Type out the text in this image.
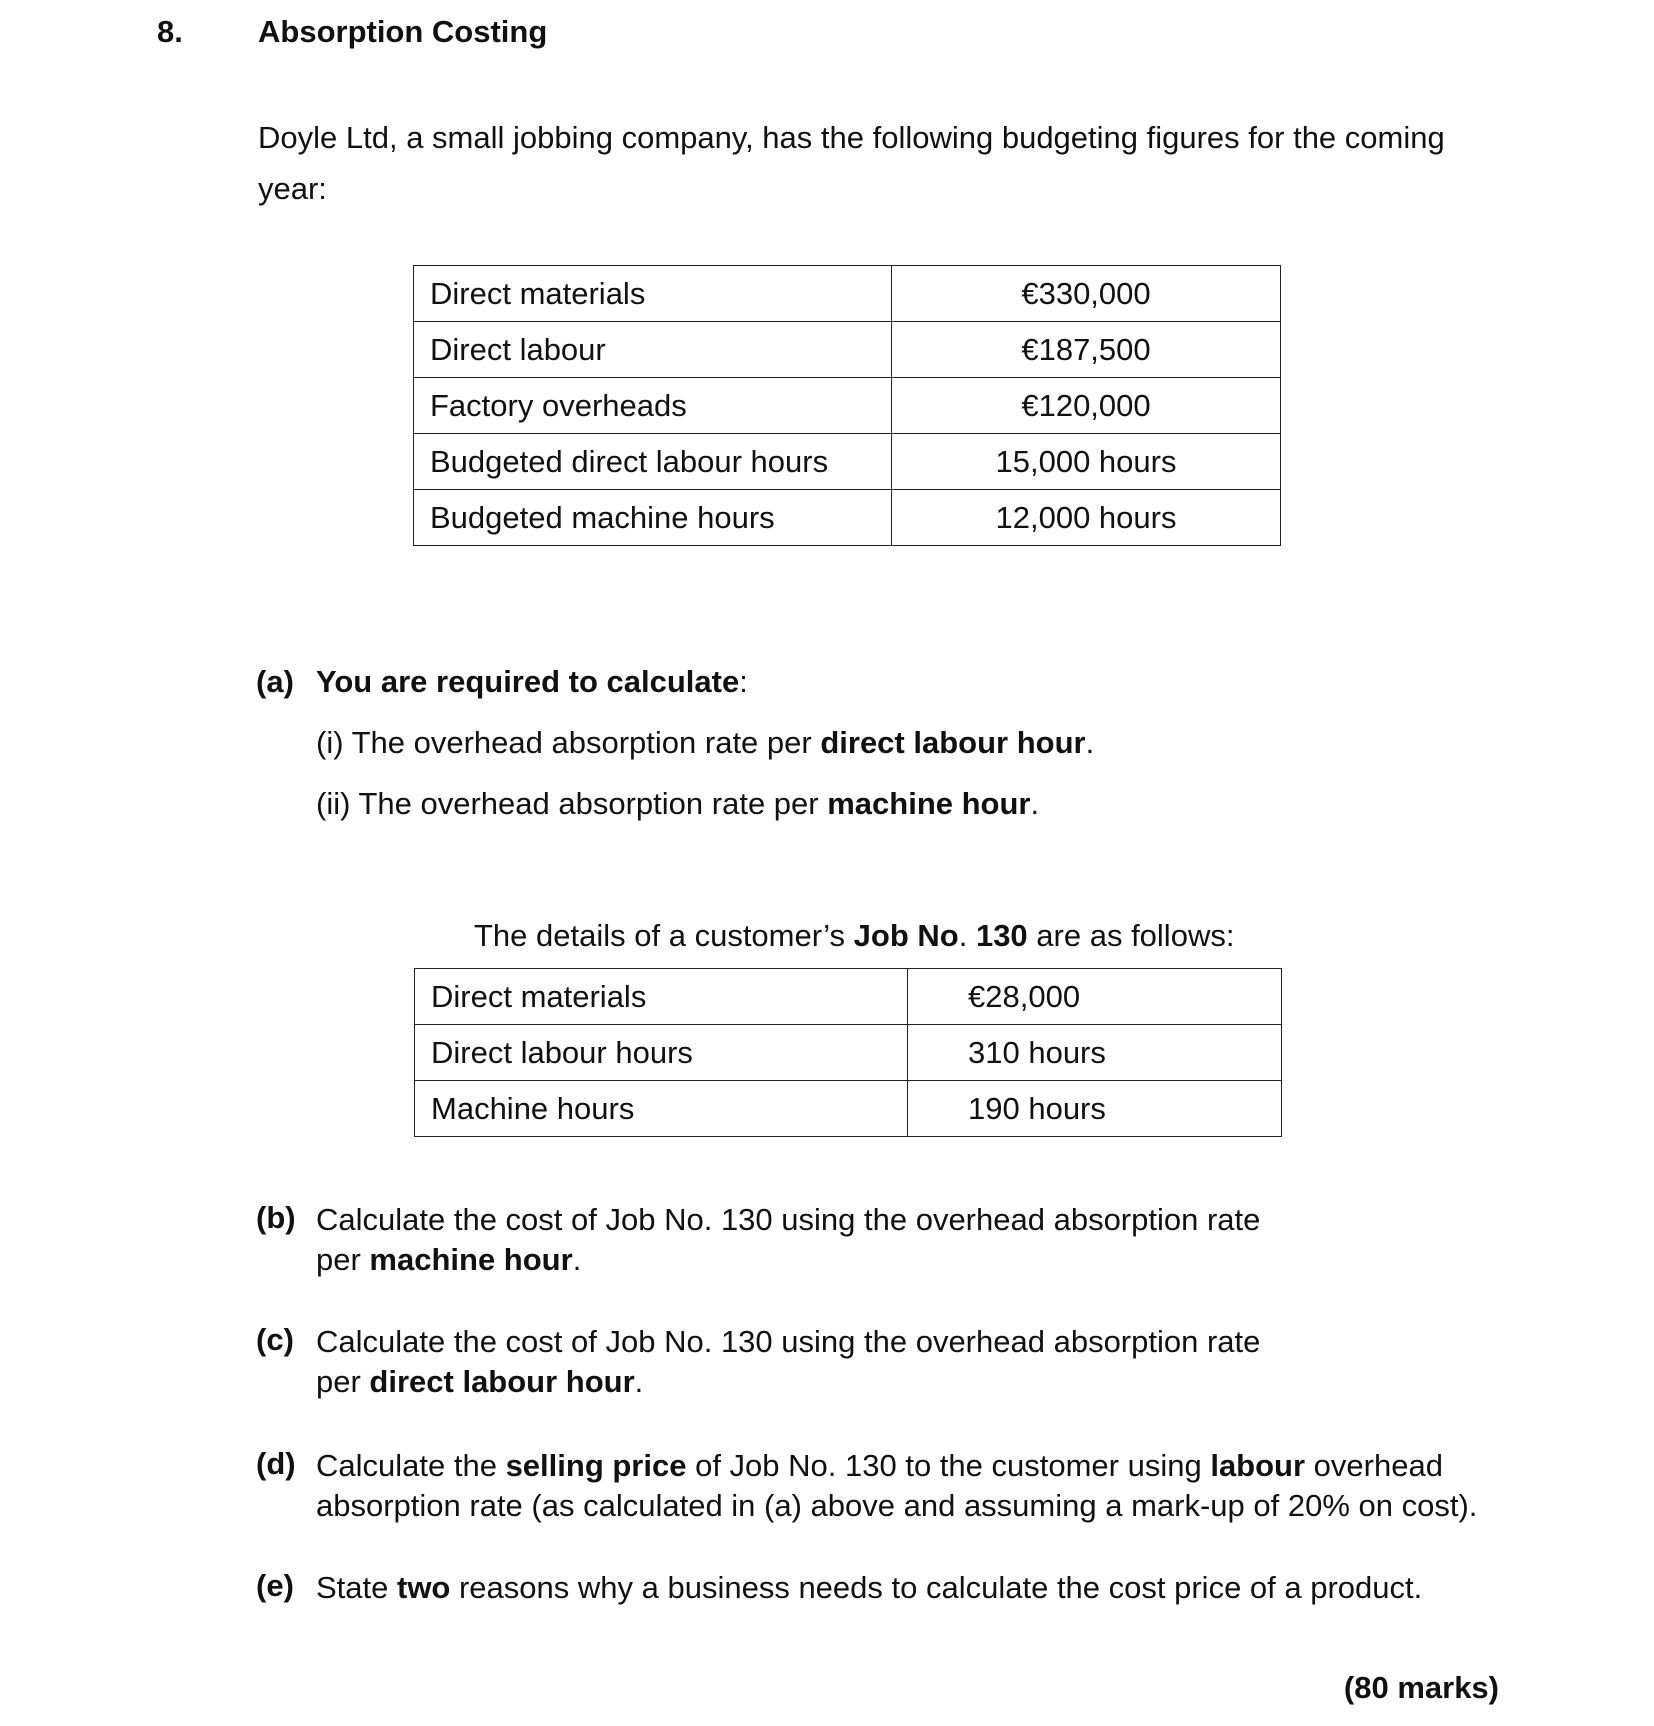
8. Absorption Costing
Doyle Ltd, a small jobbing company, has the following budgeting figures for the coming year:
Direct materials	€330,000
Direct labour	€187,500
Factory overheads	€120,000
Budgeted direct labour hours	15,000 hours
Budgeted machine hours	12,000 hours
(a) You are required to calculate:
(i) The overhead absorption rate per direct labour hour.
(ii) The overhead absorption rate per machine hour.
The details of a customer’s Job No. 130 are as follows:
Direct materials	€28,000
Direct labour hours	310 hours
Machine hours	190 hours
(b) Calculate the cost of Job No. 130 using the overhead absorption rate
per machine hour.
(c) Calculate the cost of Job No. 130 using the overhead absorption rate
per direct labour hour.
(d) Calculate the selling price of Job No. 130 to the customer using labour overhead
absorption rate (as calculated in (a) above and assuming a mark-up of 20% on cost).
(e) State two reasons why a business needs to calculate the cost price of a product.
(80 marks)
